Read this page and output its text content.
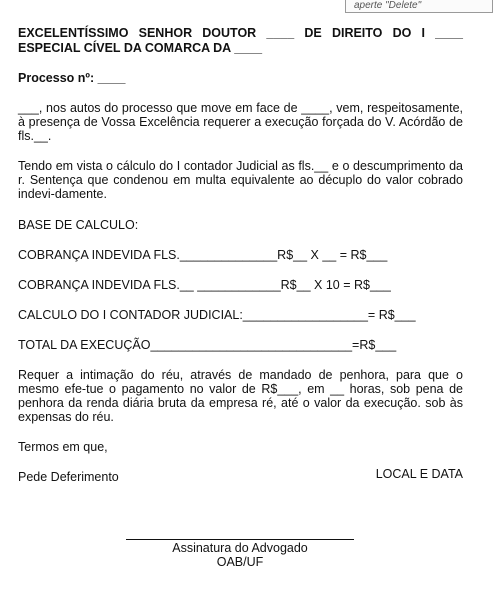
aperte "Delete"

EXCELENTÍSSIMO SENHOR DOUTOR ____ DE DIREITO DO I ____ ESPECIAL CÍVEL DA COMARCA DA ____

Processo nº: ____
___, nos autos do processo que move em face de ____, vem, respeitosamente, à presença de Vossa Excelência requerer a execução forçada do V. Acórdão de fls.__.
Tendo em vista o cálculo do I contador Judicial as fls.__ e o descumprimento da r. Sentença que condenou em multa equivalente ao décuplo do valor cobrado indevi-damente.
BASE DE CALCULO:
COBRANÇA INDEVIDA FLS.______________R$__ X __ = R$___
COBRANÇA INDEVIDA FLS.__ ____________R$__ X 10 = R$___
CALCULO DO I CONTADOR JUDICIAL:__________________= R$___
TOTAL DA EXECUÇÃO_____________________________=R$___
Requer a intimação do réu, através de mandado de penhora, para que o mesmo efe-tue o pagamento no valor de R$___, em __ horas, sob pena de penhora da renda diária bruta da empresa ré, até o valor da execução. sob às expensas do réu.
Termos em que,
Pede Deferimento	LOCAL E DATA
Assinatura do Advogado
OAB/UF
